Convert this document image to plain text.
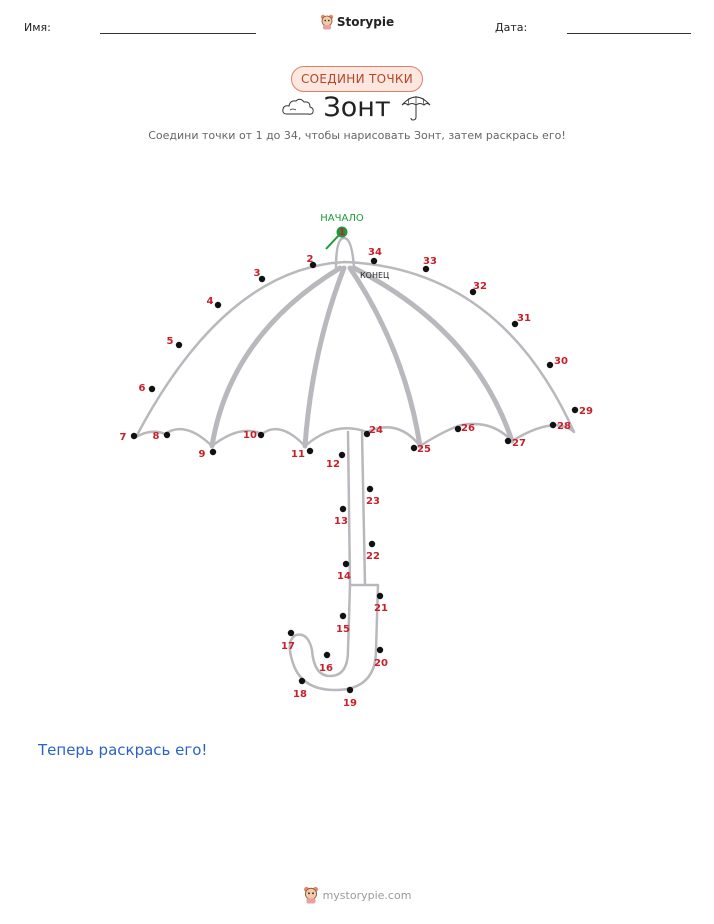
Имя:	Storypie	Дата:
СОЕДИНИ ТОЧКИ
Зонт
Соедини точки от 1 до 34, чтобы нарисовать Зонт, затем раскрась его!
НАЧАЛО
КОНЕЦ
1
2
3
4
5
6
7	8
9
10
11
12
13
14
15
16
17
18
19
20
21
22
23
24
25
26
27
28
29
30
31
32
33
34
Теперь раскрась его!
mystorypie.com
